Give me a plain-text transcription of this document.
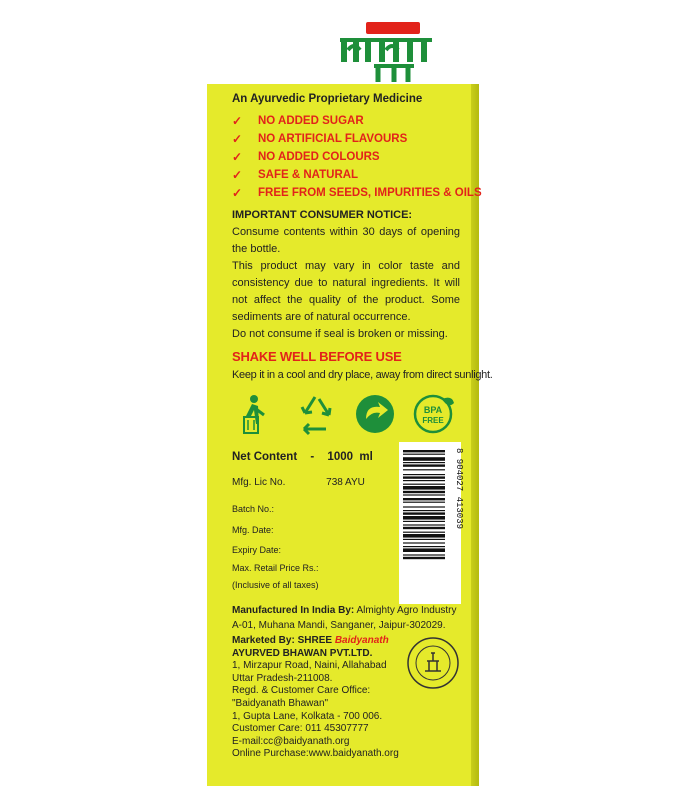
An Ayurvedic Proprietary Medicine
✓	NO ADDED SUGAR
✓	NO ARTIFICIAL FLAVOURS
✓	NO ADDED COLOURS
✓	SAFE & NATURAL
✓	FREE FROM SEEDS, IMPURITIES & OILS

IMPORTANT CONSUMER NOTICE:

Consume contents within 30 days of opening the bottle.

This product may vary in color taste and consistency due to natural ingredients. It will not affect the quality of the product. Some sediments are of natural occurrence.

Do not consume if seal is broken or missing.

SHAKE WELL BEFORE USE
Keep it in a cool and dry place, away from direct sunlight.
BPA
FREE
Net Content - 1000  ml
Mfg. Lic No.	738 AYU
Batch No.:
Mfg. Date:
Expiry Date:
Max. Retail Price Rs.:
(Inclusive of all taxes)
8 904027 413039
Manufactured In India By: Almighty Agro Industry
A-01, Muhana Mandi, Sanganer, Jaipur-302029.
Marketed By: SHREE Baidyanath
AYURVED BHAWAN PVT.LTD.
1, Mirzapur Road, Naini, Allahabad
Uttar Pradesh-211008.
Regd. & Customer Care Office:
"Baidyanath Bhawan"
1, Gupta Lane, Kolkata - 700 006.
Customer Care: 011 45307777
E-mail:cc@baidyanath.org
Online Purchase:www.baidyanath.org
